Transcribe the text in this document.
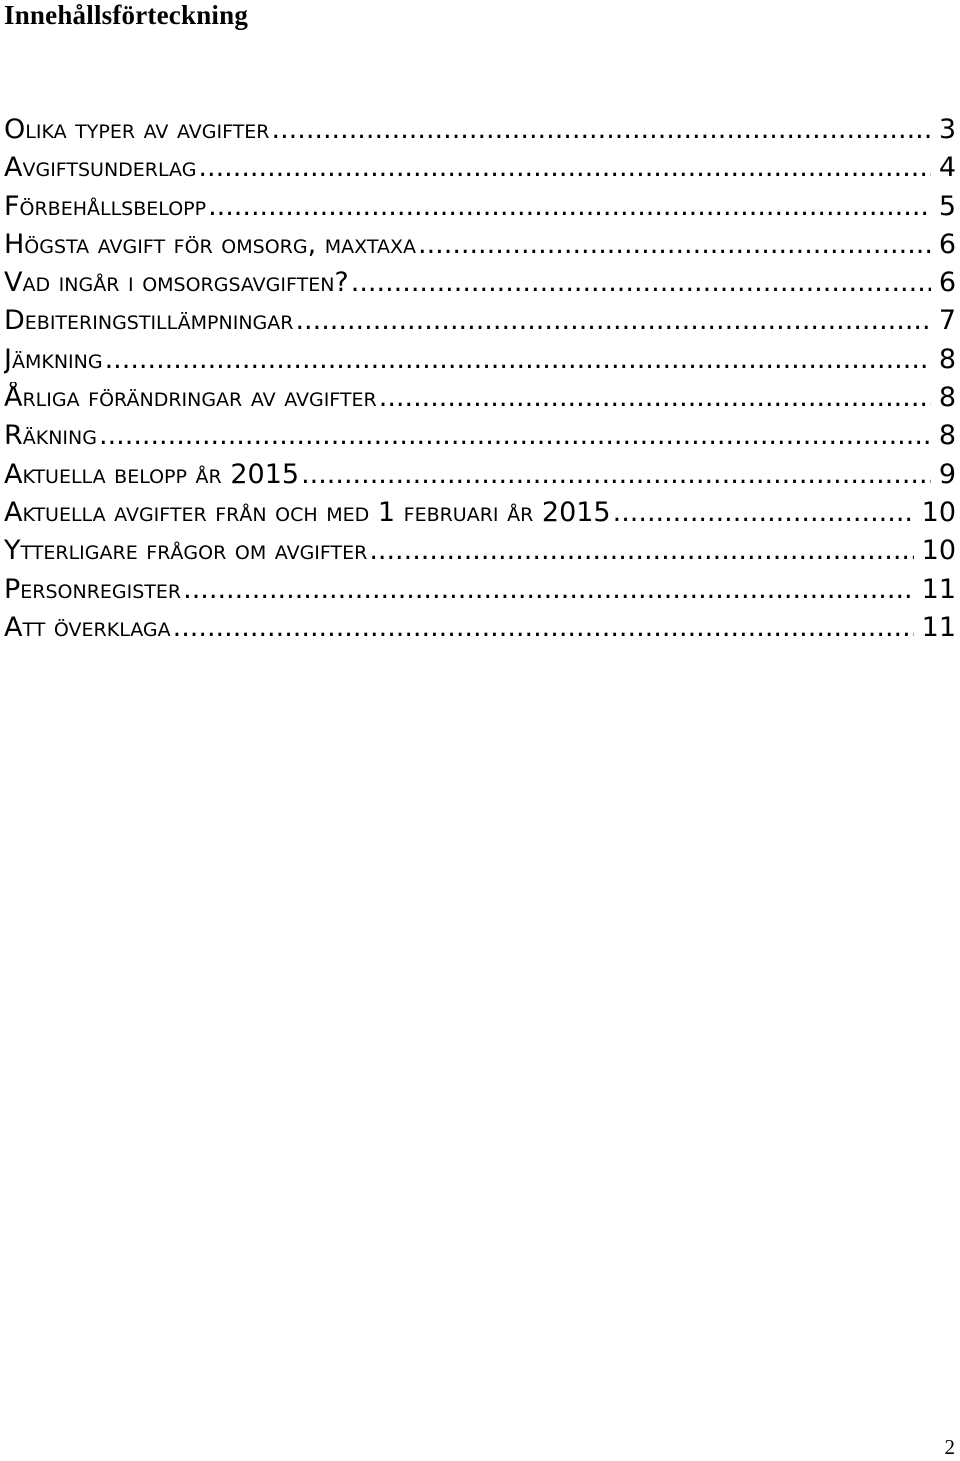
Innehållsförteckning
Olika typer av avgifter .....	3
Avgiftsunderlag .....	4
Förbehållsbelopp .....	5
Högsta avgift för omsorg, maxtaxa .....	6
Vad ingår i omsorgsavgiften? .....	6
Debiteringstillämpningar .....	7
Jämkning .....	8
Årliga förändringar av avgifter .....	8
Räkning .....	8
Aktuella belopp år 2015 .....	9
Aktuella avgifter från och med 1 februari år 2015 .....	10
Ytterligare frågor om avgifter .....	10
Personregister .....	11
Att överklaga .....	11
2
